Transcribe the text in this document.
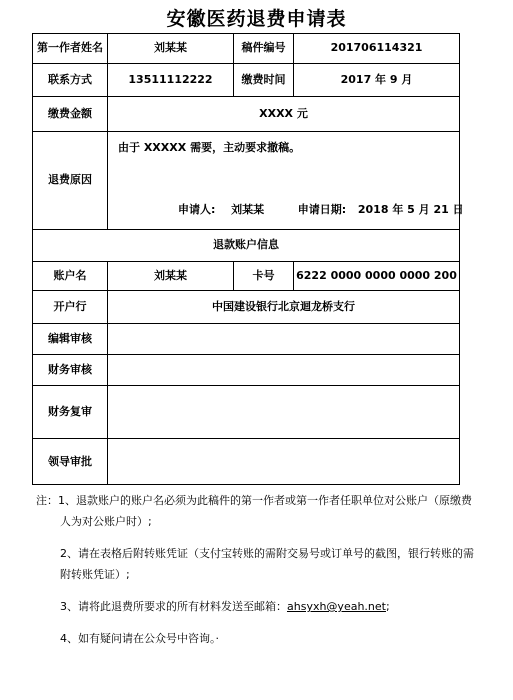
安徽医药退费申请表
第一作者姓名	刘某某	稿件编号	201706114321
联系方式	13511112222	缴费时间	2017 年 9 月
缴费金额	XXXX 元		
退费原因	由于 XXXXX 需要，主动要求撤稿。
申请人: 刘某某 申请日期: 2018 年 5 月 21 日		

退款账户信息			
账户名	刘某某	卡号	6222 0000 0000 0000 200
开户行	中国建设银行北京迴龙桥支行		
编辑审核			
财务审核			
财务复审			
领导审批			
注：1、退款账户的账户名必须为此稿件的第一作者或第一作者任职单位对公账户（原缴费
人为对公账户时）;
2、请在表格后附转账凭证（支付宝转账的需附交易号或订单号的截图，银行转账的需
附转账凭证）;
3、请将此退费所要求的所有材料发送至邮箱：ahsyxh@yeah.net;
4、如有疑问请在公众号中咨询。·
